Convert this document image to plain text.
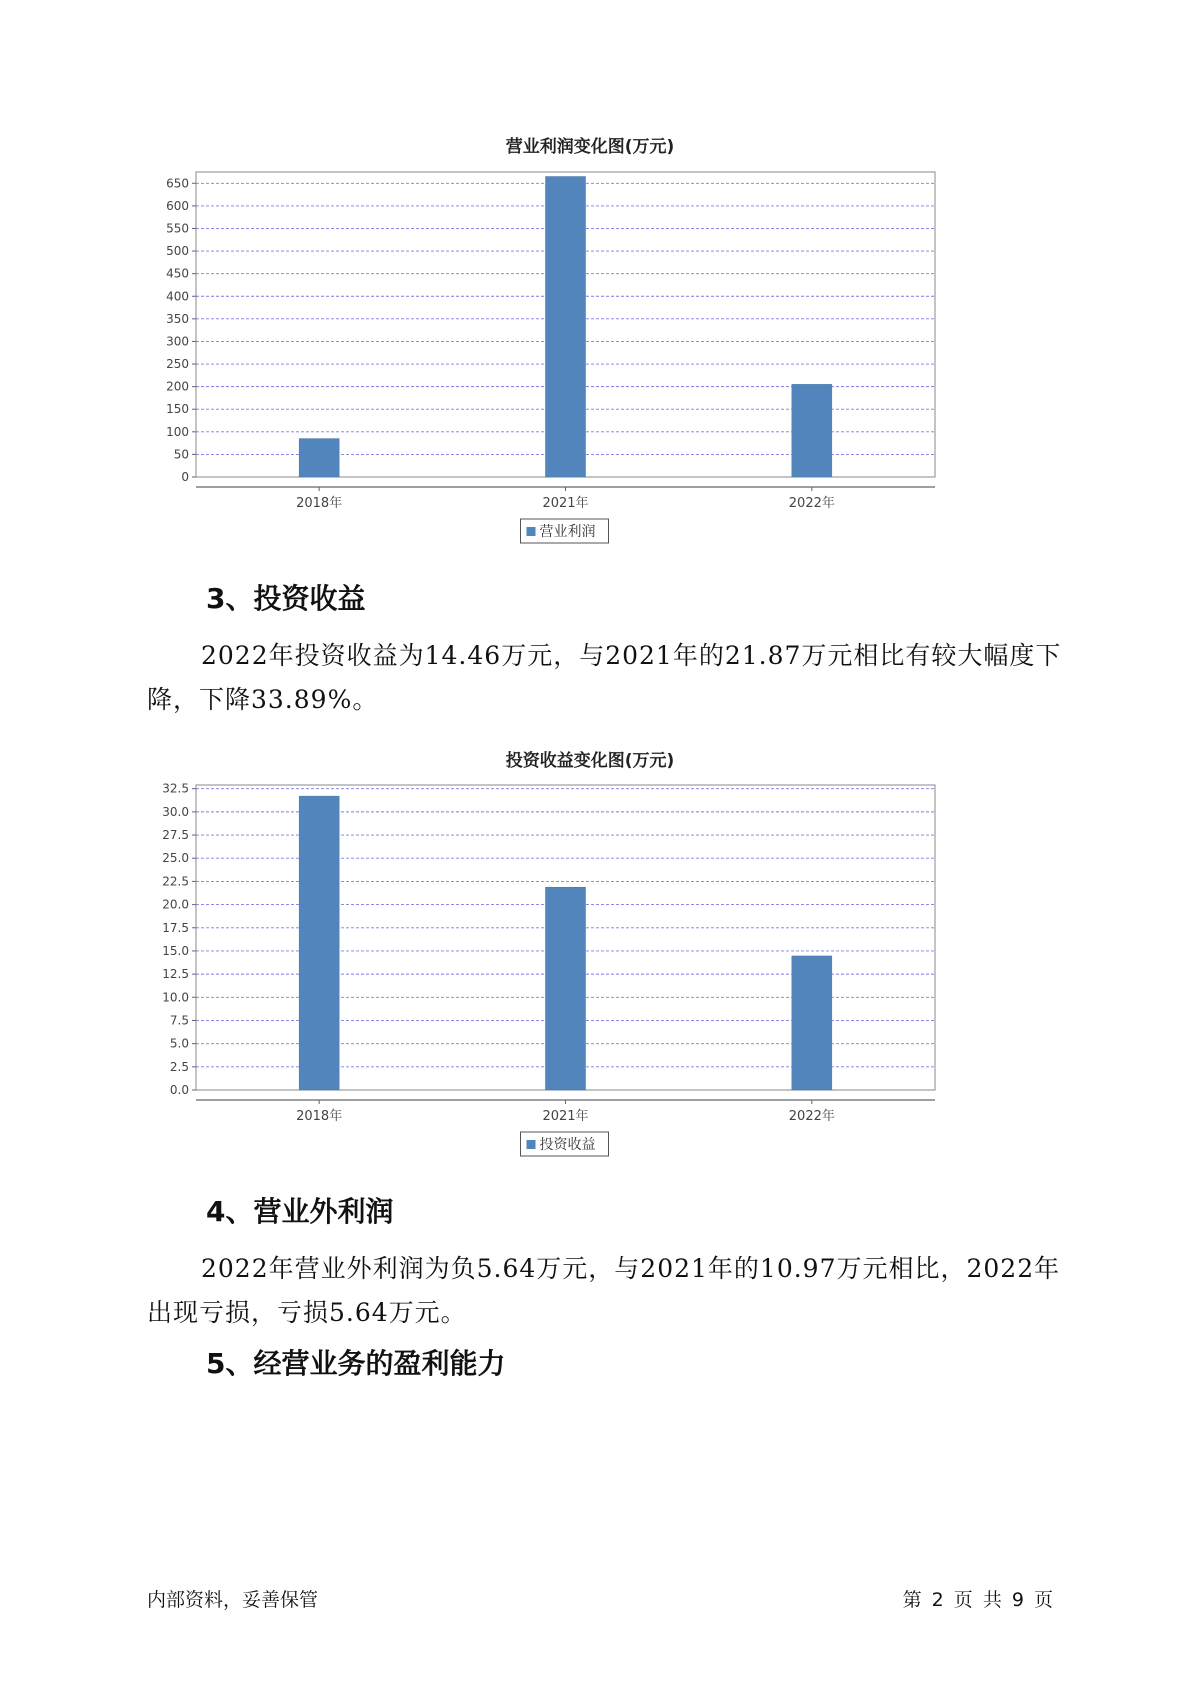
营业利润变化图(万元)
0
50
100
150
200
250
300
350
400
450
500
550
600
650
2018年	2021年	2022年
营业利润
3、投资收益

2022年投资收益为14.46万元，与2021年的21.87万元相比有较大幅度下降，下降33.89%。

投资收益变化图(万元)
0.0
2.5
5.0
7.5
10.0
12.5
15.0
17.5
20.0
22.5
25.0
27.5
30.0
32.5
2018年	2021年	2022年
投资收益
4、营业外利润

2022年营业外利润为负5.64万元，与2021年的10.97万元相比，2022年出现亏损，亏损5.64万元。

5、经营业务的盈利能力
内部资料，妥善保管	第 2 页 共 9 页
